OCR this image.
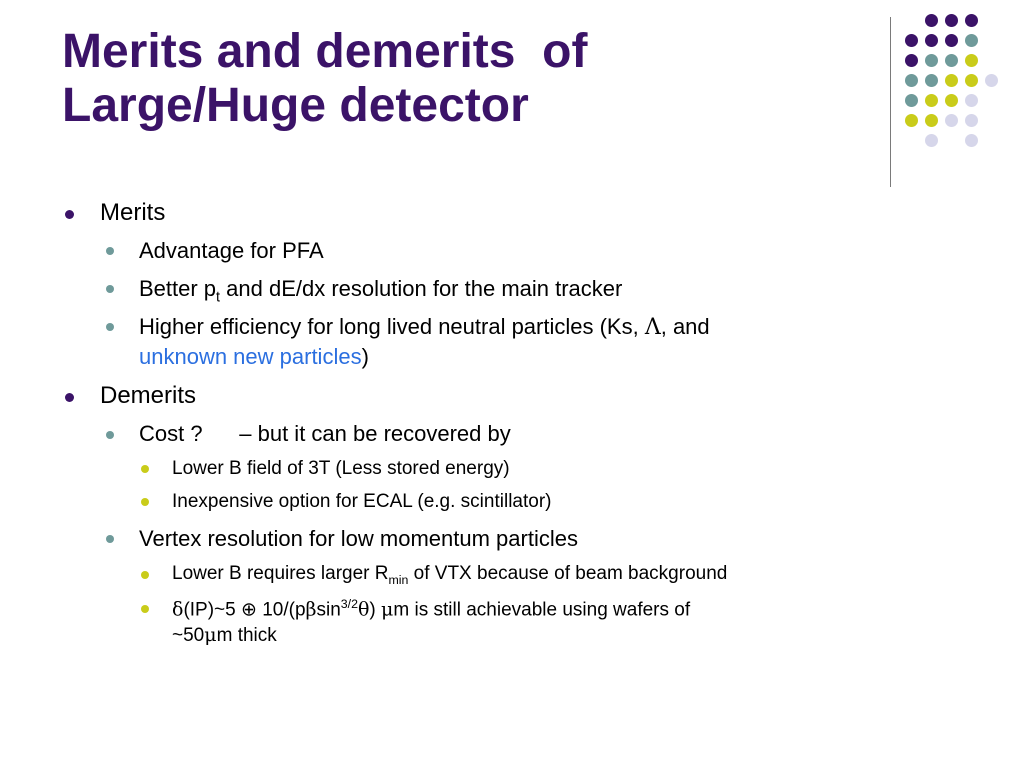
Merits and demerits  of
Large/Huge detector
Merits
Advantage for PFA
Better $p_t$ and dE/dx resolution for the main tracker
Higher efficiency for long lived neutral particles (Ks, Λ, and
unknown new particles)
Demerits
Cost ?      – but it can be recovered by
Lower B field of 3T (Less stored energy)
Inexpensive option for ECAL (e.g. scintillator)
Vertex resolution for low momentum particles
Lower B requires larger $R_{min}$ of VTX because of beam background
δ(IP)~5 ⊕ 10/(pβsin$^{3/2}$θ) μm is still achievable using wafers of
~50μm thick
